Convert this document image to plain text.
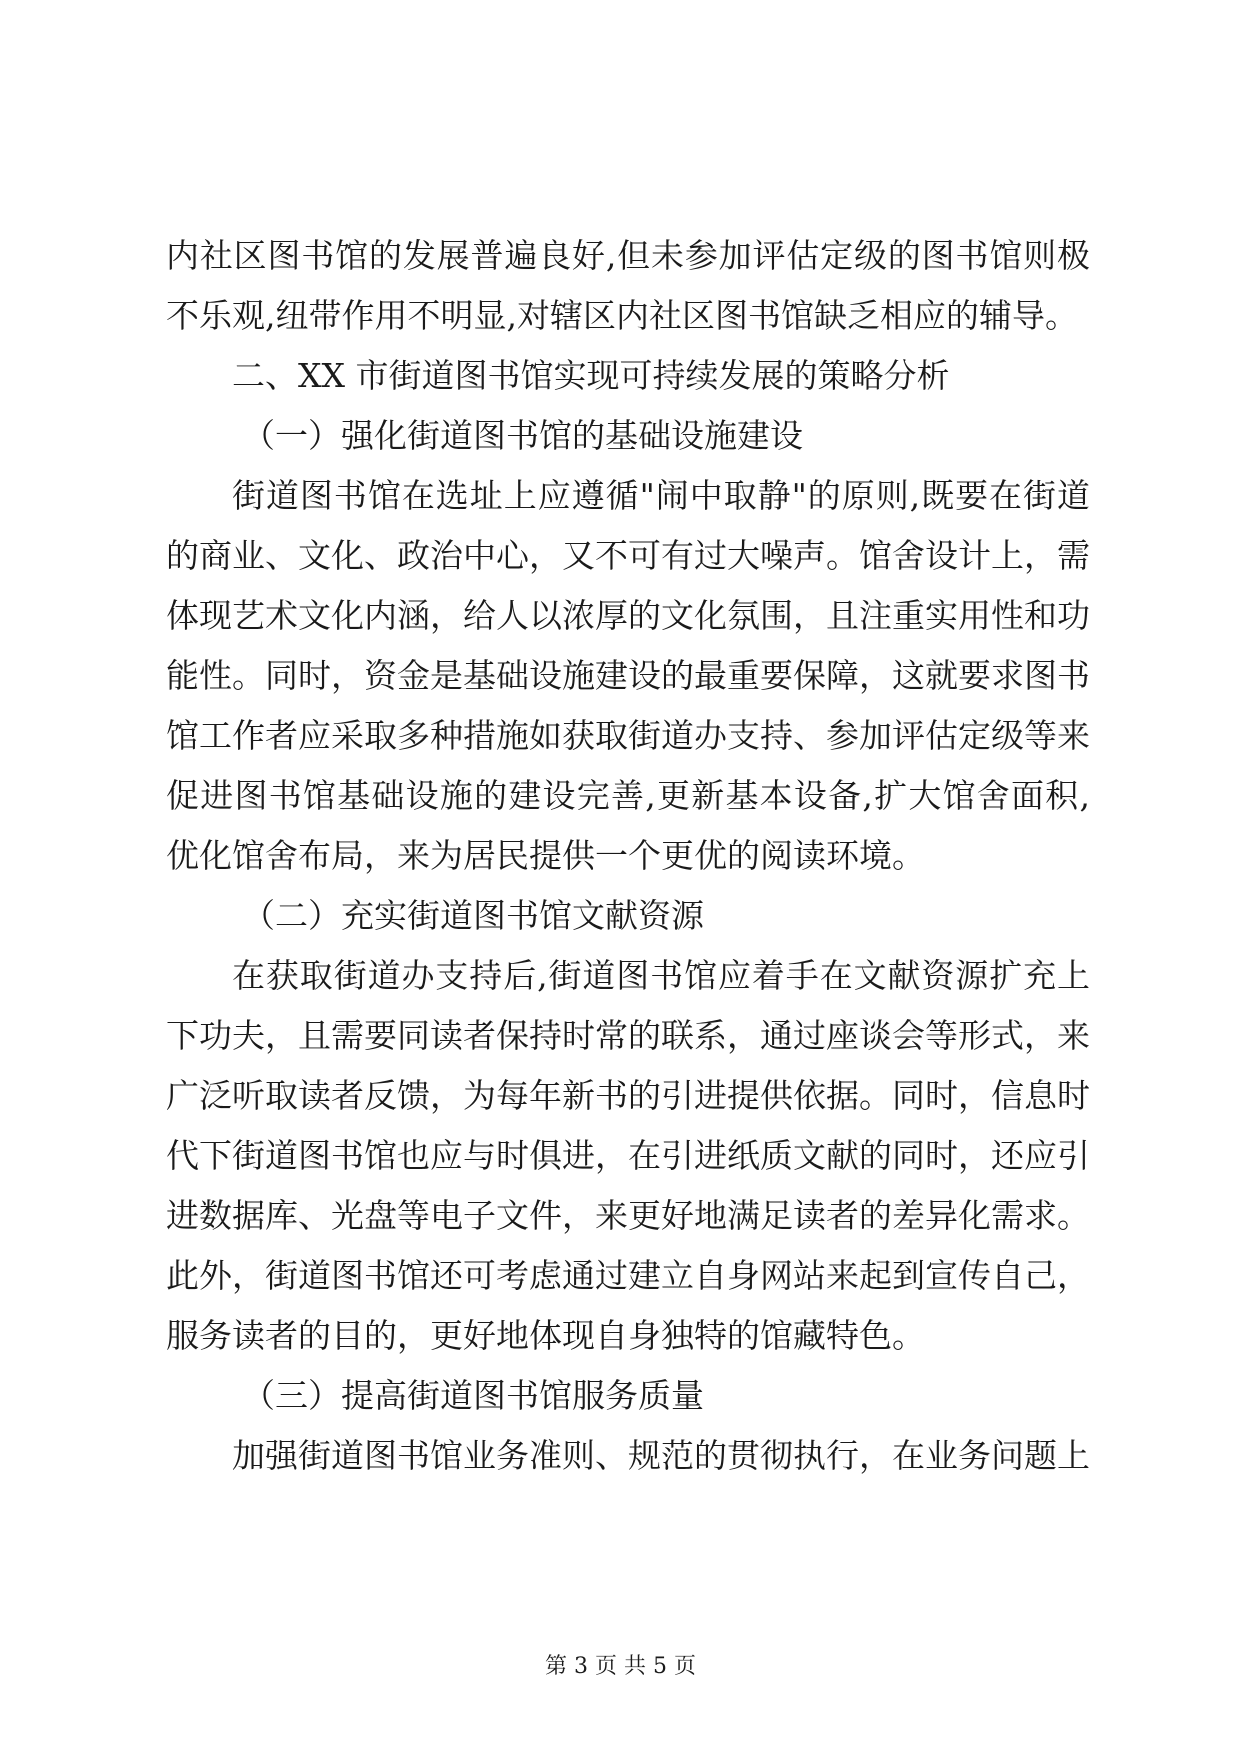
内社区图书馆的发展普遍良好,但未参加评估定级的图书馆则极
不乐观,纽带作用不明显,对辖区内社区图书馆缺乏相应的辅导。
二、XX 市街道图书馆实现可持续发展的策略分析
（一）强化街道图书馆的基础设施建设
街道图书馆在选址上应遵循"闹中取静"的原则,既要在街道
的商业、文化、政治中心，又不可有过大噪声。馆舍设计上，需
体现艺术文化内涵，给人以浓厚的文化氛围，且注重实用性和功
能性。同时，资金是基础设施建设的最重要保障，这就要求图书
馆工作者应采取多种措施如获取街道办支持、参加评估定级等来
促进图书馆基础设施的建设完善,更新基本设备,扩大馆舍面积,
优化馆舍布局，来为居民提供一个更优的阅读环境。
（二）充实街道图书馆文献资源
在获取街道办支持后,街道图书馆应着手在文献资源扩充上
下功夫，且需要同读者保持时常的联系，通过座谈会等形式，来
广泛听取读者反馈，为每年新书的引进提供依据。同时，信息时
代下街道图书馆也应与时俱进，在引进纸质文献的同时，还应引
进数据库、光盘等电子文件，来更好地满足读者的差异化需求。
此外，街道图书馆还可考虑通过建立自身网站来起到宣传自己，
服务读者的目的，更好地体现自身独特的馆藏特色。
（三）提高街道图书馆服务质量
加强街道图书馆业务准则、规范的贯彻执行，在业务问题上
第 3 页 共 5 页
